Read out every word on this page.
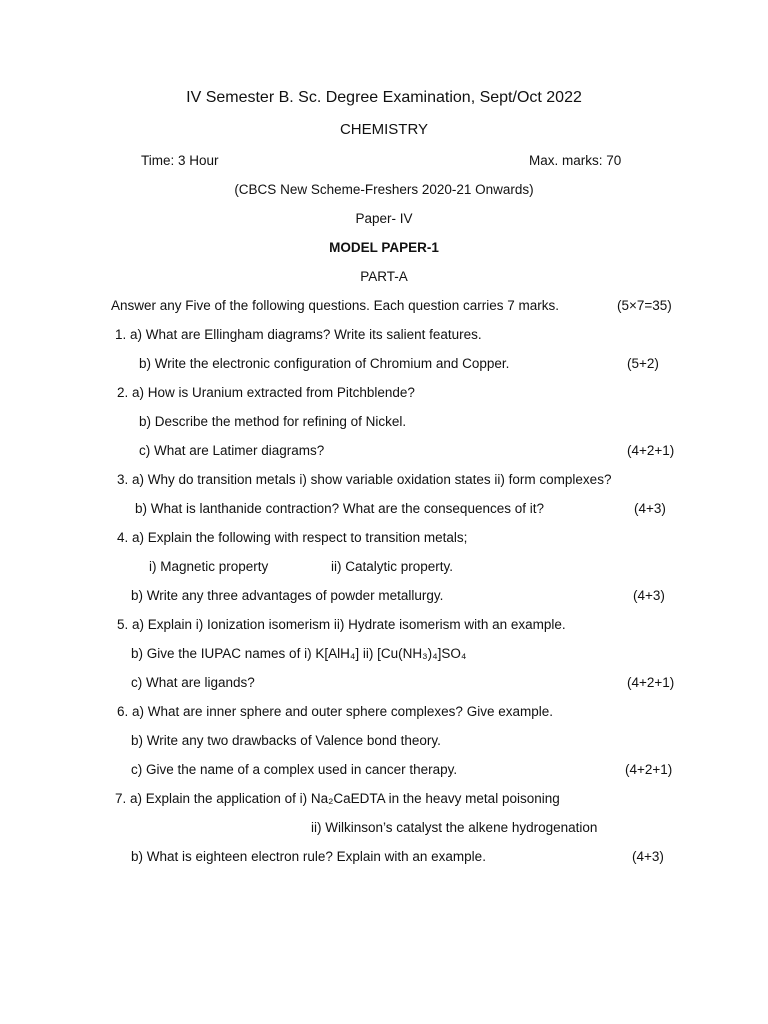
IV Semester B. Sc. Degree Examination, Sept/Oct 2022
CHEMISTRY
Time: 3 Hour	Max. marks: 70
(CBCS New Scheme-Freshers 2020-21 Onwards)
Paper- IV
MODEL PAPER-1
PART-A
Answer any Five of the following questions. Each question carries 7 marks.	(5×7=35)
1. a) What are Ellingham diagrams? Write its salient features.
b) Write the electronic configuration of Chromium and Copper.	(5+2)
2. a) How is Uranium extracted from Pitchblende?
b) Describe the method for refining of Nickel.
c) What are Latimer diagrams?	(4+2+1)
3. a) Why do transition metals i) show variable oxidation states ii) form complexes?
b) What is lanthanide contraction? What are the consequences of it?	(4+3)
4. a) Explain the following with respect to transition metals;
i) Magnetic property	ii) Catalytic property.
b) Write any three advantages of powder metallurgy.	(4+3)
5. a) Explain i) Ionization isomerism ii) Hydrate isomerism with an example.
b) Give the IUPAC names of i) K[AlH₄] ii) [Cu(NH₃)₄]SO₄
c) What are ligands?	(4+2+1)
6. a) What are inner sphere and outer sphere complexes? Give example.
b) Write any two drawbacks of Valence bond theory.
c) Give the name of a complex used in cancer therapy.	(4+2+1)
7. a) Explain the application of i) Na₂CaEDTA in the heavy metal poisoning
ii) Wilkinson’s catalyst the alkene hydrogenation
b) What is eighteen electron rule? Explain with an example.	(4+3)
